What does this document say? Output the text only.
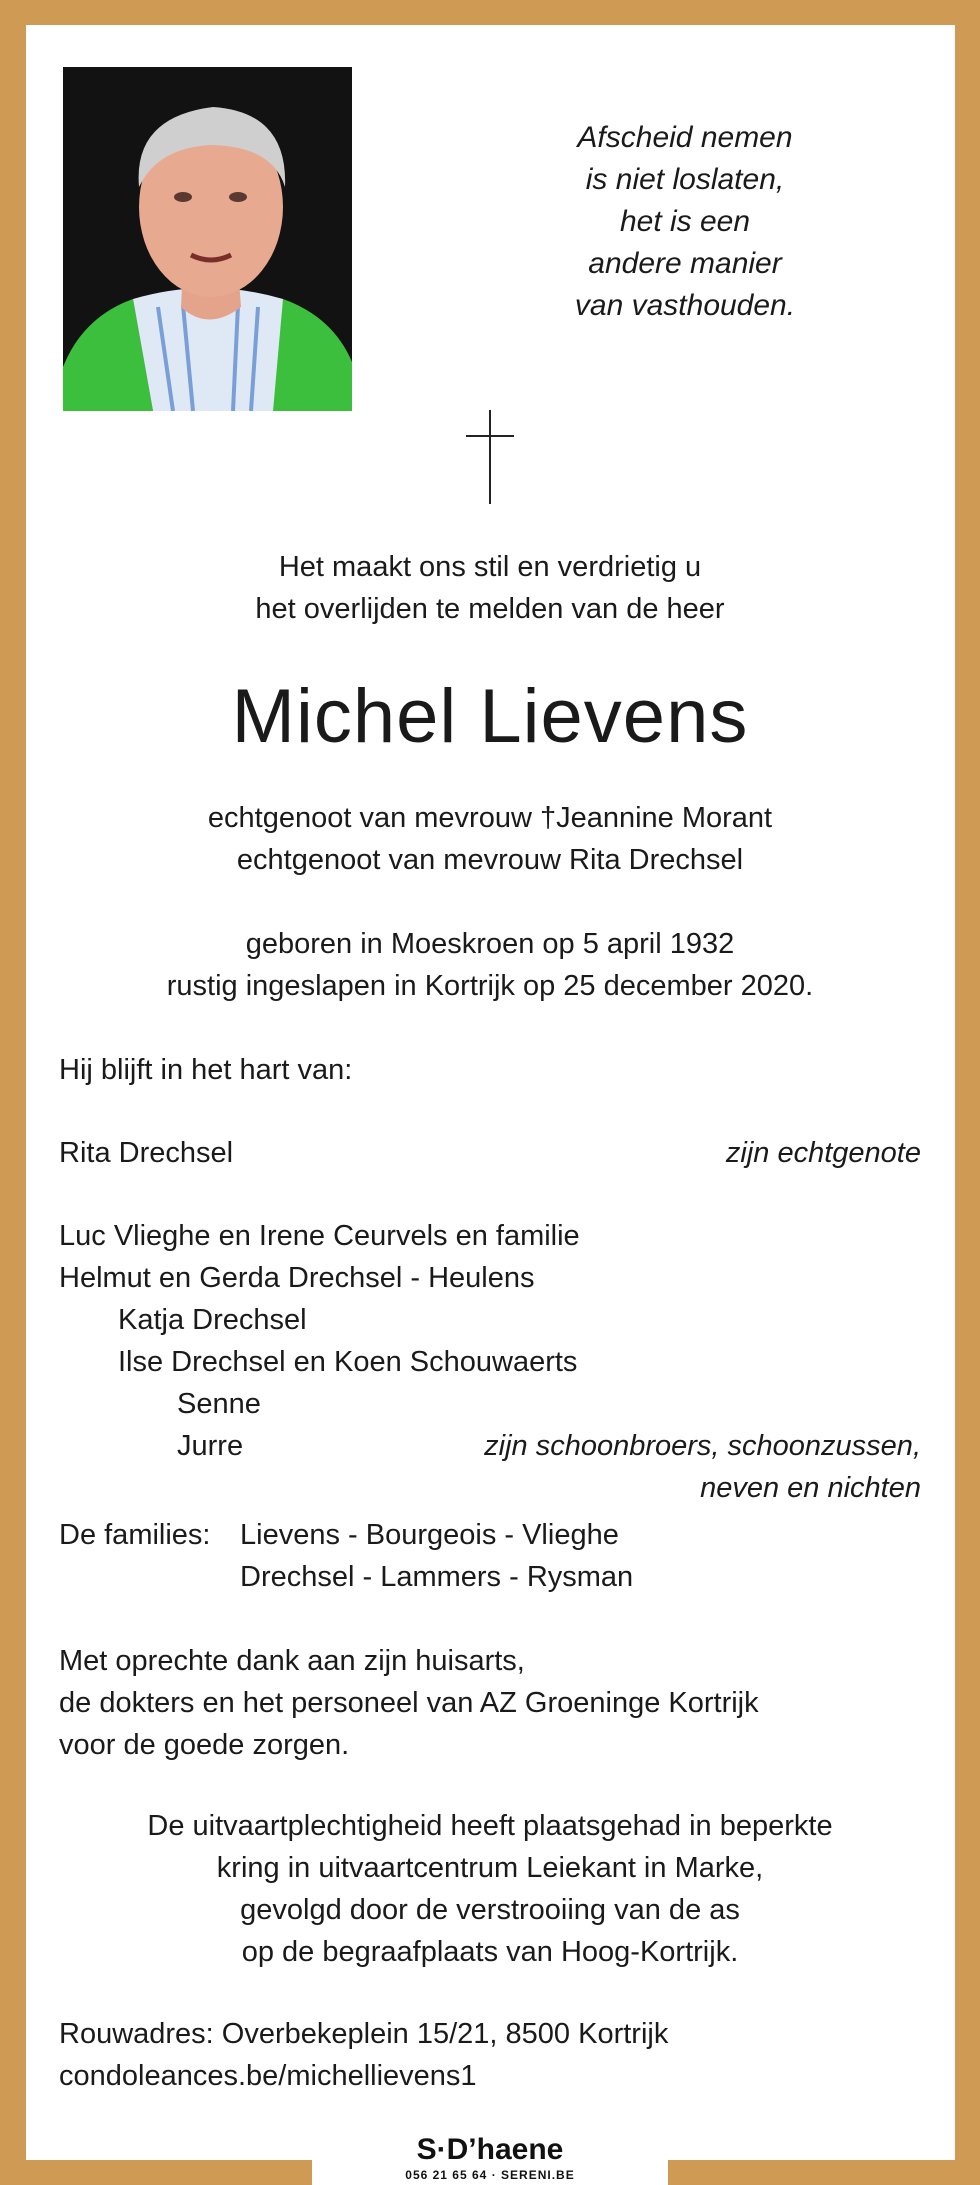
Afscheid nemen
is niet loslaten,
het is een
andere manier
van vasthouden.
Het maakt ons stil en verdrietig u
het overlijden te melden van de heer
Michel Lievens
echtgenoot van mevrouw †Jeannine Morant
echtgenoot van mevrouw Rita Drechsel
geboren in Moeskroen op 5 april 1932
rustig ingeslapen in Kortrijk op 25 december 2020.
Hij blijft in het hart van:
Rita Drechsel	zijn echtgenote
Luc Vlieghe en Irene Ceurvels en familie
Helmut en Gerda Drechsel - Heulens
Katja Drechsel
Ilse Drechsel en Koen Schouwaerts
Senne
Jurre	zijn schoonbroers, schoonzussen,
neven en nichten
De families: Lievens - Bourgeois - Vlieghe
Drechsel - Lammers - Rysman
Met oprechte dank aan zijn huisarts,
de dokters en het personeel van AZ Groeninge Kortrijk
voor de goede zorgen.
De uitvaartplechtigheid heeft plaatsgehad in beperkte
kring in uitvaartcentrum Leiekant in Marke,
gevolgd door de verstrooiing van de as
op de begraafplaats van Hoog-Kortrijk.
Rouwadres: Overbekeplein 15/21, 8500 Kortrijk
condoleances.be/michellievens1
S·D’haene
056 21 65 64 · SERENI.BE
